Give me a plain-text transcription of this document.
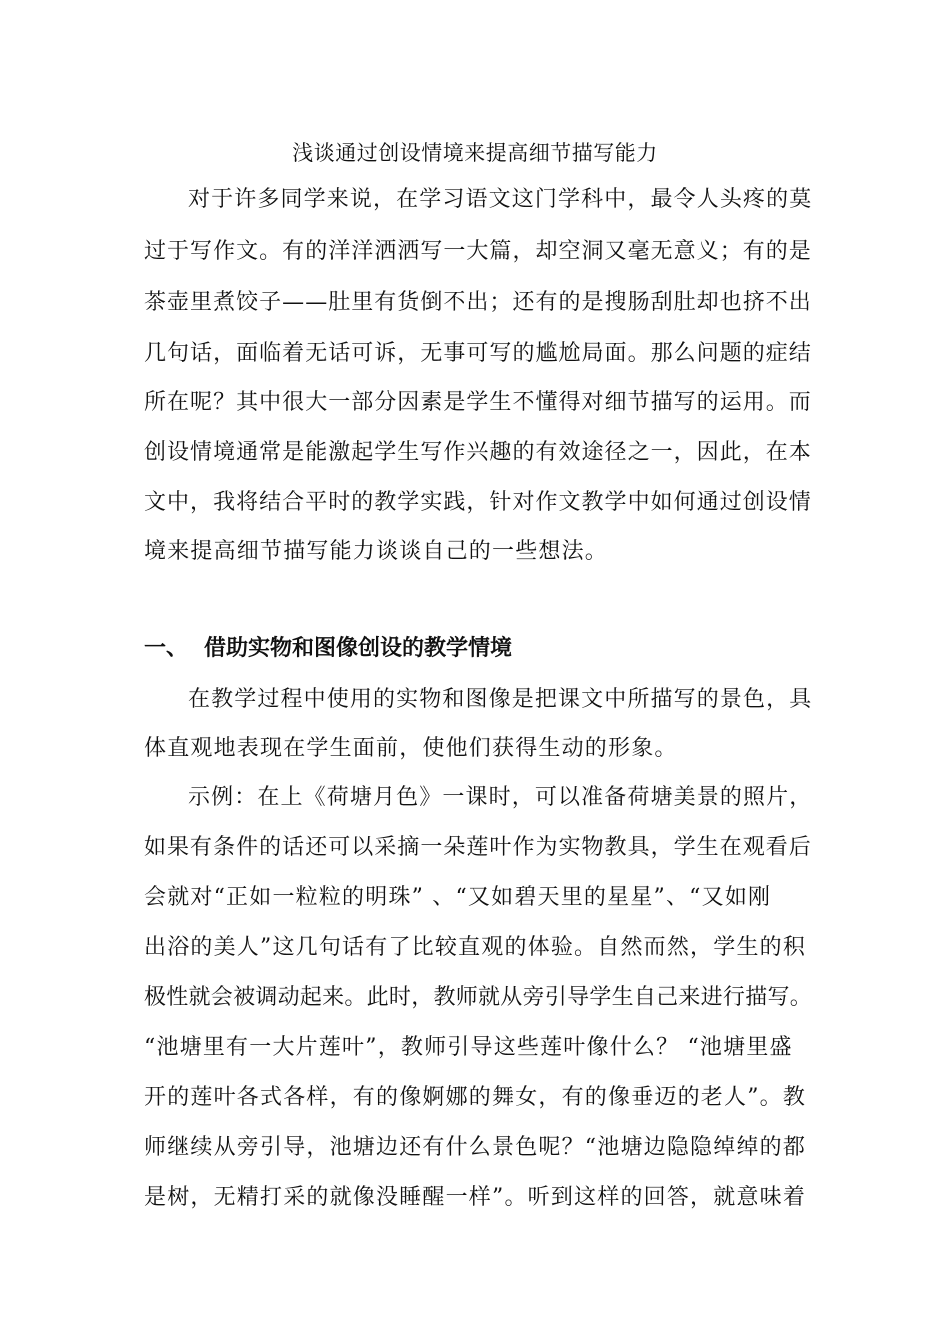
浅谈通过创设情境来提高细节描写能力
对于许多同学来说，在学习语文这门学科中，最令人头疼的莫
过于写作文。有的洋洋洒洒写一大篇，却空洞又毫无意义；有的是
茶壶里煮饺子——肚里有货倒不出；还有的是搜肠刮肚却也挤不出
几句话，面临着无话可诉，无事可写的尴尬局面。那么问题的症结
所在呢？其中很大一部分因素是学生不懂得对细节描写的运用。而
创设情境通常是能激起学生写作兴趣的有效途径之一，因此，在本
文中，我将结合平时的教学实践，针对作文教学中如何通过创设情
境来提高细节描写能力谈谈自己的一些想法。
一、 借助实物和图像创设的教学情境
在教学过程中使用的实物和图像是把课文中所描写的景色，具
体直观地表现在学生面前，使他们获得生动的形象。
示例：在上《荷塘月色》一课时，可以准备荷塘美景的照片，
如果有条件的话还可以采摘一朵莲叶作为实物教具，学生在观看后
会就对“正如一粒粒的明珠” 、“又如碧天里的星星”、“又如刚
出浴的美人”这几句话有了比较直观的体验。自然而然，学生的积
极性就会被调动起来。此时，教师就从旁引导学生自己来进行描写。
“池塘里有一大片莲叶”，教师引导这些莲叶像什么？ “池塘里盛
开的莲叶各式各样，有的像婀娜的舞女，有的像垂迈的老人”。教
师继续从旁引导，池塘边还有什么景色呢？“池塘边隐隐绰绰的都
是树，无精打采的就像没睡醒一样”。听到这样的回答，就意味着
